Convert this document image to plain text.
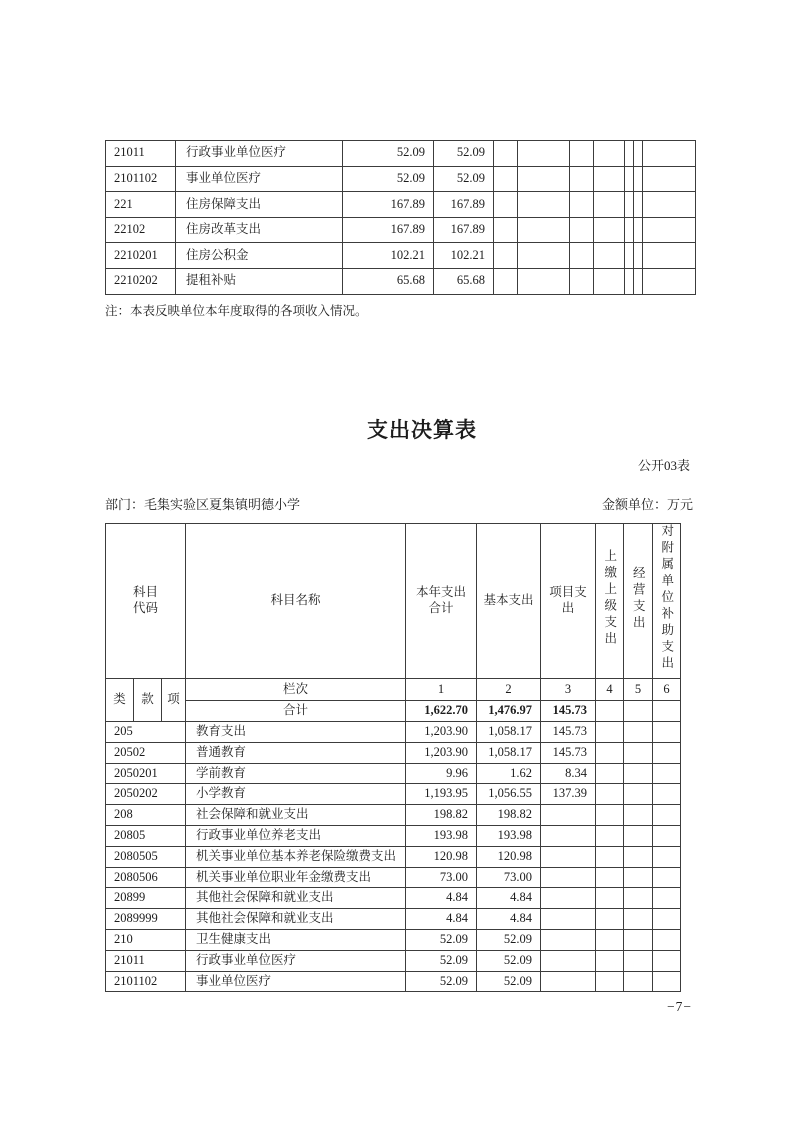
21011	行政事业单位医疗	52.09	52.09							
2101102	事业单位医疗	52.09	52.09							
221	住房保障支出	167.89	167.89							
22102	住房改革支出	167.89	167.89							
2210201	住房公积金	102.21	102.21							
2210202	提租补贴	65.68	65.68							
注：本表反映单位本年度取得的各项收入情况。
支出决算表
公开03表
部门：毛集实验区夏集镇明德小学	金额单位：万元
科目代码			科目名称	本年支出合计	基本支出	项目支出	上缴上级支出	经营支出	对附属单位补助支出
类	款	项	栏次	1	2	3	4	5	6
			合计	1,622.70	1,476.97	145.73			
205			教育支出	1,203.90	1,058.17	145.73			
20502			普通教育	1,203.90	1,058.17	145.73			
2050201			学前教育	9.96	1.62	8.34			
2050202			小学教育	1,193.95	1,056.55	137.39			
208			社会保障和就业支出	198.82	198.82				
20805			行政事业单位养老支出	193.98	193.98				
2080505			机关事业单位基本养老保险缴费支出	120.98	120.98				
2080506			机关事业单位职业年金缴费支出	73.00	73.00				
20899			其他社会保障和就业支出	4.84	4.84				
2089999			其他社会保障和就业支出	4.84	4.84				
210			卫生健康支出	52.09	52.09				
21011			行政事业单位医疗	52.09	52.09				
2101102			事业单位医疗	52.09	52.09				
−7−
